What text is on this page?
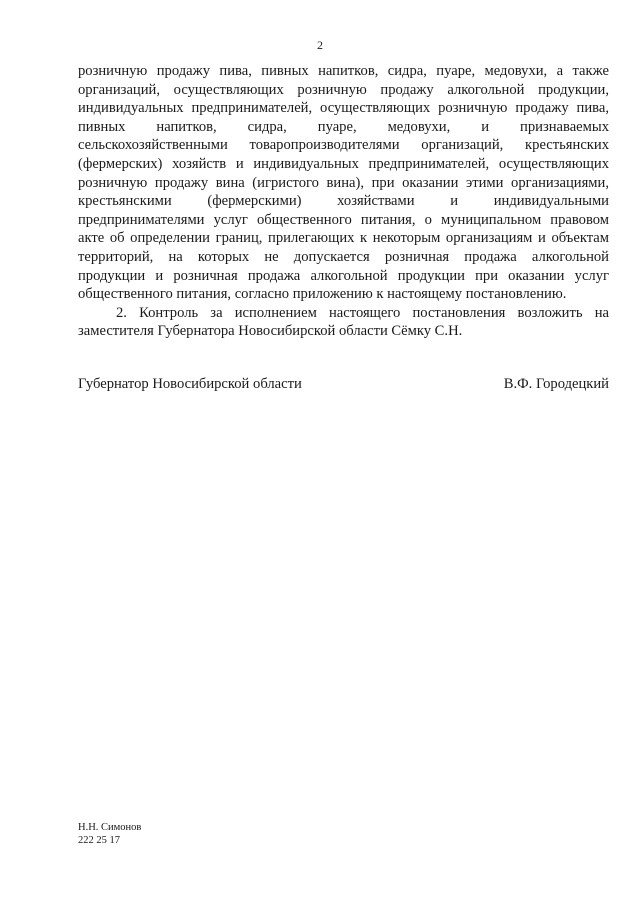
2
розничную продажу пива, пивных напитков, сидра, пуаре, медовухи, а также
организаций, осуществляющих розничную продажу алкогольной продукции,
индивидуальных предпринимателей, осуществляющих розничную продажу пива,
пивных напитков, сидра, пуаре, медовухи, и признаваемых
сельскохозяйственными товаропроизводителями организаций, крестьянских
(фермерских) хозяйств и индивидуальных предпринимателей, осуществляющих
розничную продажу вина (игристого вина), при оказании этими организациями,
крестьянскими (фермерскими) хозяйствами и индивидуальными
предпринимателями услуг общественного питания, о муниципальном правовом
акте об определении границ, прилегающих к некоторым организациям и объектам
территорий, на которых не допускается розничная продажа алкогольной
продукции и розничная продажа алкогольной продукции при оказании услуг
общественного питания, согласно приложению к настоящему постановлению.
2. Контроль за исполнением настоящего постановления возложить на
заместителя Губернатора Новосибирской области Сёмку С.Н.
Губернатор Новосибирской области	В.Ф. Городецкий
Н.Н. Симонов
222 25 17
